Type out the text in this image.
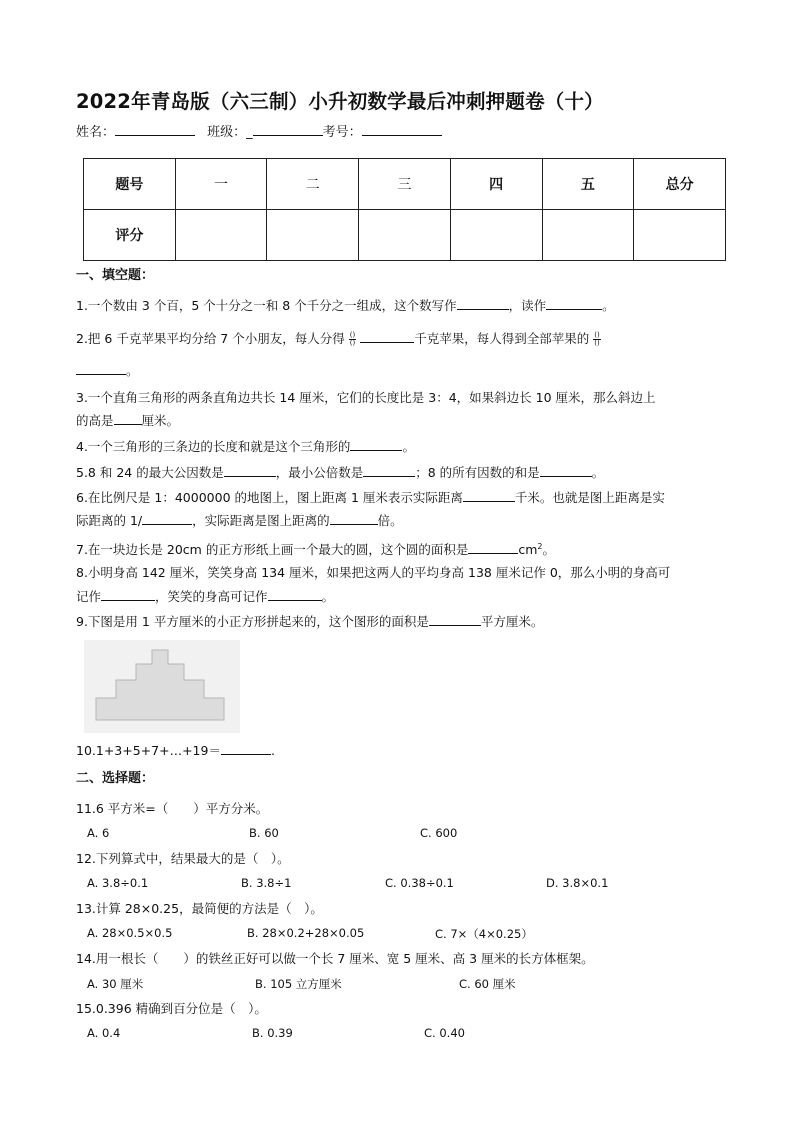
2022年青岛版（六三制）小升初数学最后冲刺押题卷（十）
姓名：	班级：_	考号：
题号	一	二	三	四	五	总分
评分						
一、填空题：
1.一个数由 3 个百，5 个十分之一和 8 个千分之一组成，这个数写作	，读作	。
2.把 6 千克苹果平均分给 7 个小朋友，每人分得 $\frac{()}{()}$	千克苹果，每人得到全部苹果的 $\frac{()}{()}$
。
3.一个直角三角形的两条直角边共长 14 厘米，它们的长度比是 3：4，如果斜边长 10 厘米，那么斜边上
的高是 厘米。
4.一个三角形的三条边的长度和就是这个三角形的	。
5.8 和 24 的最大公因数是	，最小公倍数是	；8 的所有因数的和是	。
6.在比例尺是 1：4000000 的地图上，图上距离 1 厘米表示实际距离	千米。也就是图上距离是实
际距离的 1/	，实际距离是图上距离的	倍。
7.在一块边长是 20cm 的正方形纸上画一个最大的圆，这个圆的面积是	$cm^2$。
8.小明身高 142 厘米，笑笑身高 134 厘米，如果把这两人的平均身高 138 厘米记作 0，那么小明的身高可
记作	，笑笑的身高可记作	。
9.下图是用 1 平方厘米的小正方形拼起来的，这个图形的面积是	平方厘米。
10.1+3+5+7+…+19＝	.
二、选择题：
11.6 平方米=（　　）平方分米。
A. 6	B. 60	C. 600
12.下列算式中，结果最大的是（　）。
A. 3.8÷0.1	B. 3.8÷1	C. 0.38÷0.1	D. 3.8×0.1
13.计算 28×0.25，最简便的方法是（　）。
A. 28×0.5×0.5	B. 28×0.2+28×0.05	C. 7×（4×0.25）
14.用一根长（　　）的铁丝正好可以做一个长 7 厘米、宽 5 厘米、高 3 厘米的长方体框架。
A. 30 厘米	B. 105 立方厘米	C. 60 厘米
15.0.396 精确到百分位是（　）。
A. 0.4	B. 0.39	C. 0.40
